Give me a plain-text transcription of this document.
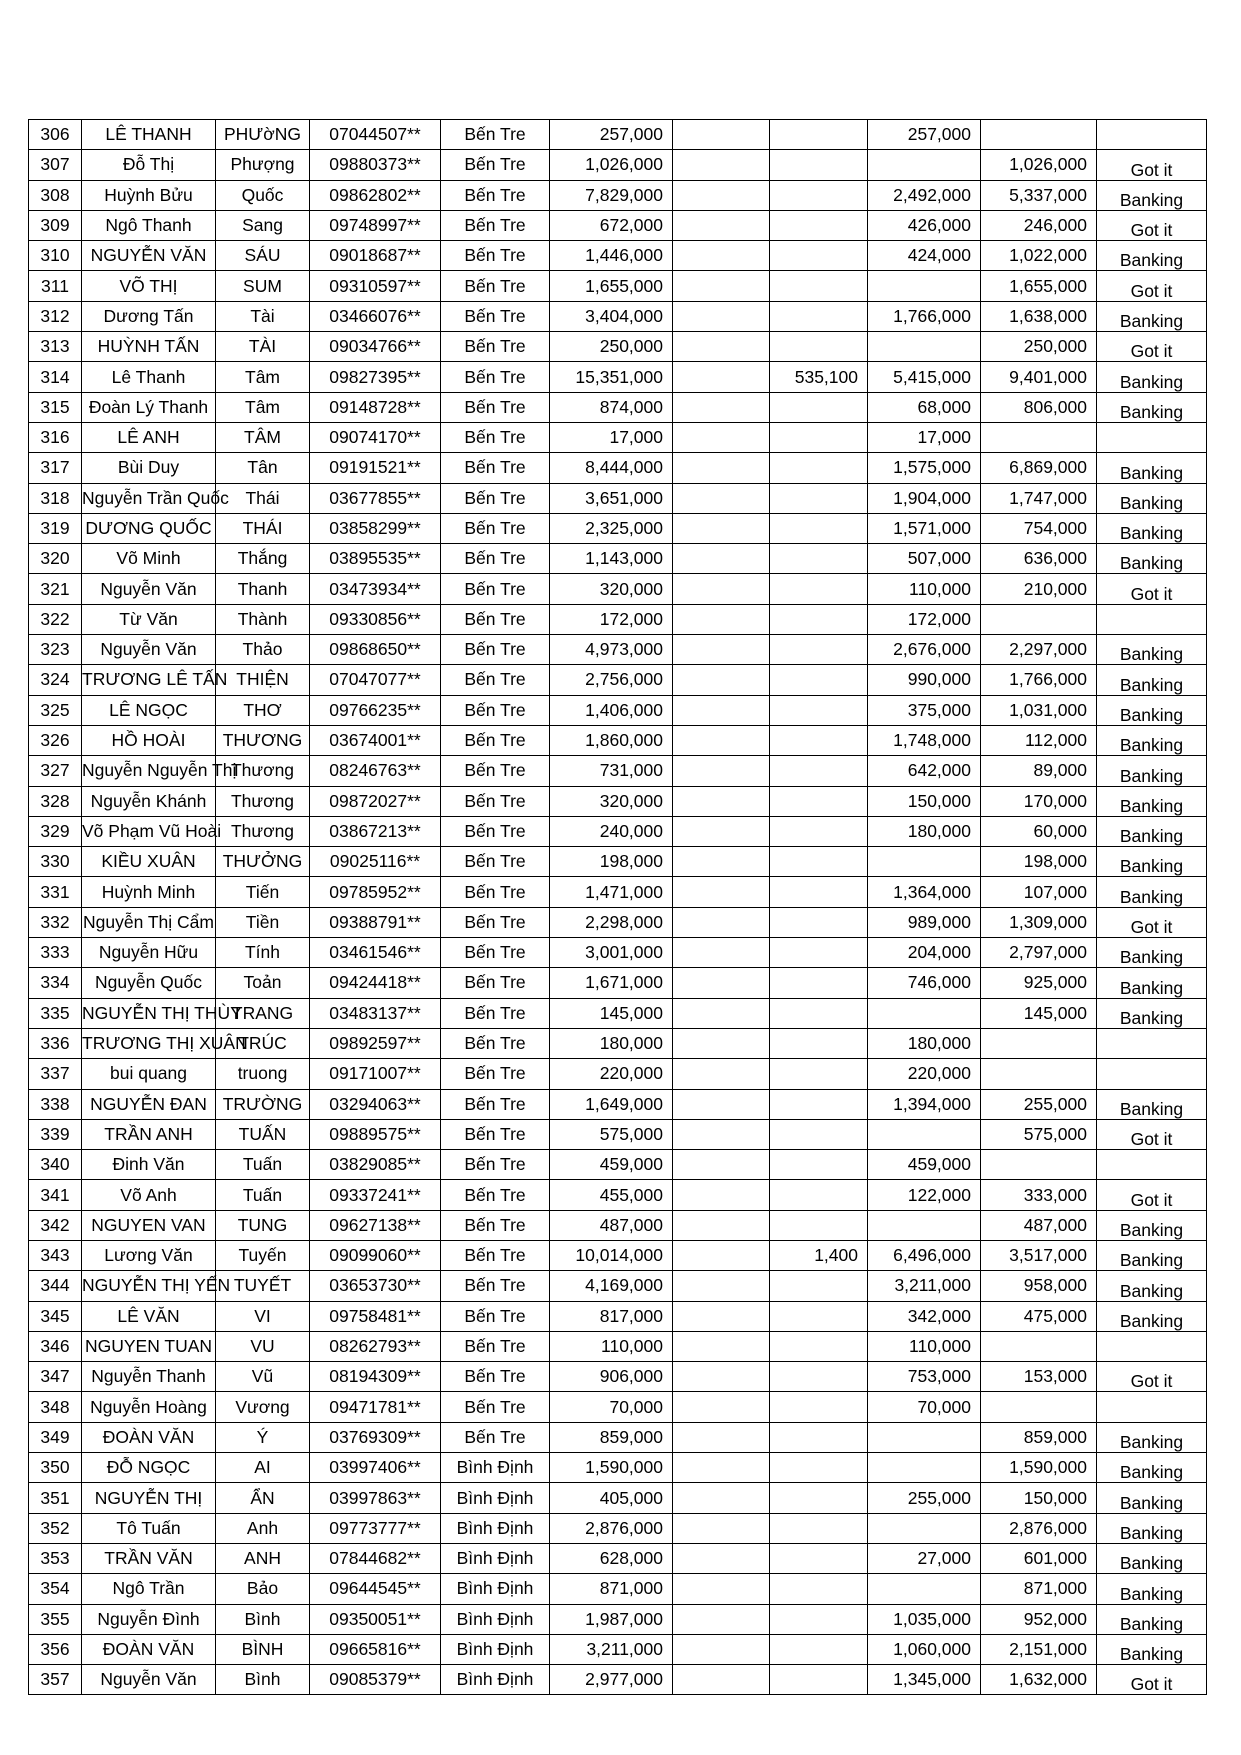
306	LÊ THANH	PHƯờNG	07044507**	Bến Tre	257,000			257,000		
307	Đỗ Thị	Phượng	09880373**	Bến Tre	1,026,000				1,026,000	Got it
308	Huỳnh Bửu	Quốc	09862802**	Bến Tre	7,829,000			2,492,000	5,337,000	Banking
309	Ngô Thanh	Sang	09748997**	Bến Tre	672,000			426,000	246,000	Got it
310	NGUYỄN VĂN	SÁU	09018687**	Bến Tre	1,446,000			424,000	1,022,000	Banking
311	VÕ THỊ	SUM	09310597**	Bến Tre	1,655,000				1,655,000	Got it
312	Dương Tấn	Tài	03466076**	Bến Tre	3,404,000			1,766,000	1,638,000	Banking
313	HUỲNH TẤN	TÀI	09034766**	Bến Tre	250,000				250,000	Got it
314	Lê Thanh	Tâm	09827395**	Bến Tre	15,351,000		535,100	5,415,000	9,401,000	Banking
315	Đoàn Lý Thanh	Tâm	09148728**	Bến Tre	874,000			68,000	806,000	Banking
316	LÊ ANH	TÂM	09074170**	Bến Tre	17,000			17,000		
317	Bùi Duy	Tân	09191521**	Bến Tre	8,444,000			1,575,000	6,869,000	Banking
318	Nguyễn Trần Quốc	Thái	03677855**	Bến Tre	3,651,000			1,904,000	1,747,000	Banking
319	DƯƠNG QUỐC	THÁI	03858299**	Bến Tre	2,325,000			1,571,000	754,000	Banking
320	Võ Minh	Thắng	03895535**	Bến Tre	1,143,000			507,000	636,000	Banking
321	Nguyễn Văn	Thanh	03473934**	Bến Tre	320,000			110,000	210,000	Got it
322	Từ Văn	Thành	09330856**	Bến Tre	172,000			172,000		
323	Nguyễn Văn	Thảo	09868650**	Bến Tre	4,973,000			2,676,000	2,297,000	Banking
324	TRƯƠNG LÊ TẤN	THIỆN	07047077**	Bến Tre	2,756,000			990,000	1,766,000	Banking
325	LÊ NGỌC	THƠ	09766235**	Bến Tre	1,406,000			375,000	1,031,000	Banking
326	HỒ HOÀI	THƯƠNG	03674001**	Bến Tre	1,860,000			1,748,000	112,000	Banking
327	Nguyễn Nguyễn Thị	Thương	08246763**	Bến Tre	731,000			642,000	89,000	Banking
328	Nguyễn Khánh	Thương	09872027**	Bến Tre	320,000			150,000	170,000	Banking
329	Võ Phạm Vũ Hoài	Thương	03867213**	Bến Tre	240,000			180,000	60,000	Banking
330	KIỀU XUÂN	THƯỞNG	09025116**	Bến Tre	198,000				198,000	Banking
331	Huỳnh Minh	Tiến	09785952**	Bến Tre	1,471,000			1,364,000	107,000	Banking
332	Nguyễn Thị Cẩm	Tiền	09388791**	Bến Tre	2,298,000			989,000	1,309,000	Got it
333	Nguyễn Hữu	Tính	03461546**	Bến Tre	3,001,000			204,000	2,797,000	Banking
334	Nguyễn Quốc	Toản	09424418**	Bến Tre	1,671,000			746,000	925,000	Banking
335	NGUYỄN THỊ THÙY	TRANG	03483137**	Bến Tre	145,000				145,000	Banking
336	TRƯƠNG THỊ XUÂN	TRÚC	09892597**	Bến Tre	180,000			180,000		
337	bui quang	truong	09171007**	Bến Tre	220,000			220,000		
338	NGUYỄN ĐAN	TRƯỜNG	03294063**	Bến Tre	1,649,000			1,394,000	255,000	Banking
339	TRẦN ANH	TUẤN	09889575**	Bến Tre	575,000				575,000	Got it
340	Đinh Văn	Tuấn	03829085**	Bến Tre	459,000			459,000		
341	Võ Anh	Tuấn	09337241**	Bến Tre	455,000			122,000	333,000	Got it
342	NGUYEN VAN	TUNG	09627138**	Bến Tre	487,000				487,000	Banking
343	Lương Văn	Tuyến	09099060**	Bến Tre	10,014,000		1,400	6,496,000	3,517,000	Banking
344	NGUYỄN THỊ YẾN	TUYẾT	03653730**	Bến Tre	4,169,000			3,211,000	958,000	Banking
345	LÊ VĂN	VI	09758481**	Bến Tre	817,000			342,000	475,000	Banking
346	NGUYEN TUAN	VU	08262793**	Bến Tre	110,000			110,000		
347	Nguyễn Thanh	Vũ	08194309**	Bến Tre	906,000			753,000	153,000	Got it
348	Nguyễn Hoàng	Vương	09471781**	Bến Tre	70,000			70,000		
349	ĐOÀN VĂN	Ý	03769309**	Bến Tre	859,000				859,000	Banking
350	ĐỖ NGỌC	AI	03997406**	Bình Định	1,590,000				1,590,000	Banking
351	NGUYỄN THỊ	ẨN	03997863**	Bình Định	405,000			255,000	150,000	Banking
352	Tô Tuấn	Anh	09773777**	Bình Định	2,876,000				2,876,000	Banking
353	TRẦN VĂN	ANH	07844682**	Bình Định	628,000			27,000	601,000	Banking
354	Ngô Trần	Bảo	09644545**	Bình Định	871,000				871,000	Banking
355	Nguyễn Đình	Bình	09350051**	Bình Định	1,987,000			1,035,000	952,000	Banking
356	ĐOÀN VĂN	BÌNH	09665816**	Bình Định	3,211,000			1,060,000	2,151,000	Banking
357	Nguyễn Văn	Bình	09085379**	Bình Định	2,977,000			1,345,000	1,632,000	Got it
